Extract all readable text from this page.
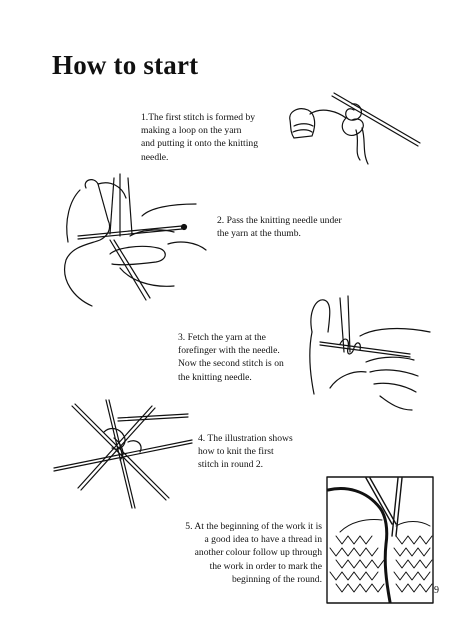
How to start

1.The first stitch is formed by
making a loop on the yarn
and putting it onto the knitting
needle.

2. Pass the knitting needle under
the yarn at the thumb.

3. Fetch the yarn at the
forefinger with the needle.
Now the second stitch is on
the knitting needle.

4. The illustration shows
how to knit the first
stitch in round 2.

5. At the beginning of the work it is
a good idea to have a thread in
another colour follow up through
the work in order to mark the
beginning of the round.

9
